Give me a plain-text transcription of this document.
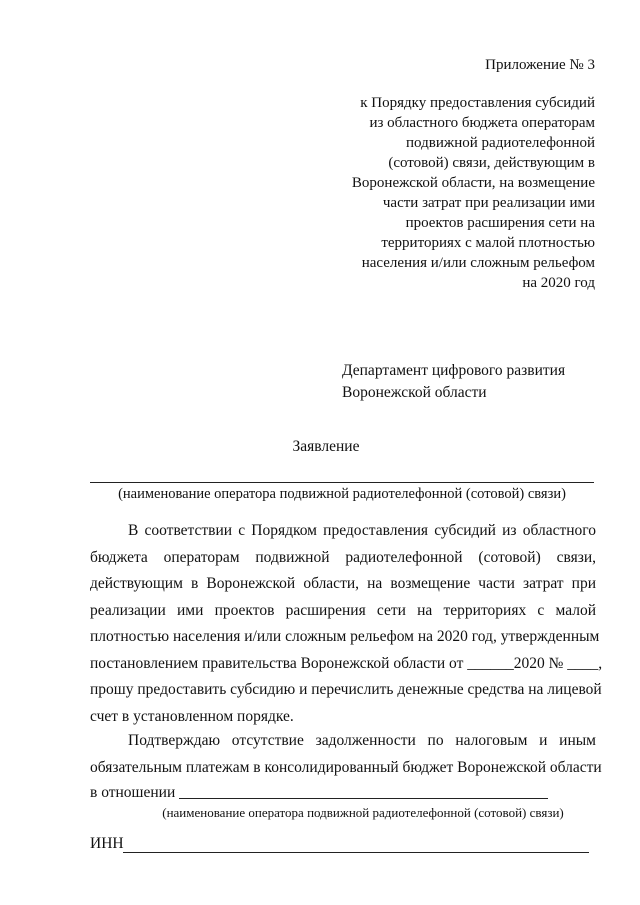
Приложение № 3
к Порядку предоставления субсидий
из областного бюджета операторам
подвижной радиотелефонной
(сотовой) связи, действующим в
Воронежской области, на возмещение
части затрат при реализации ими
проектов расширения сети на
территориях с малой плотностью
населения и/или сложным рельефом
на 2020 год
Департамент цифрового развития
Воронежской области
Заявление
(наименование оператора подвижной радиотелефонной (сотовой) связи)
В соответствии с Порядком предоставления субсидий из областного
бюджета операторам подвижной радиотелефонной (сотовой) связи,
действующим в Воронежской области, на возмещение части затрат при
реализации ими проектов расширения сети на территориях с малой
плотностью населения и/или сложным рельефом на 2020 год, утвержденным
постановлением правительства Воронежской области от ______2020 № ____,
прошу предоставить субсидию и перечислить денежные средства на лицевой
счет в установленном порядке.
Подтверждаю отсутствие задолженности по налоговым и иным
обязательным платежам в консолидированный бюджет Воронежской области
в отношении
(наименование оператора подвижной радиотелефонной (сотовой) связи)
ИНН
